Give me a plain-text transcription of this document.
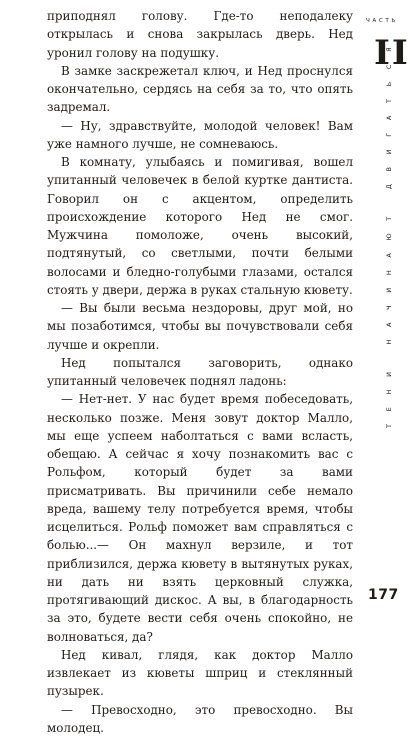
приподнял голову. Где-то неподалеку открылась и снова закрылась дверь. Нед уронил голову на подушку.

В замке заскрежетал ключ, и Нед проснулся окончательно, сердясь на себя за то, что опять задремал.

— Ну, здравствуйте, молодой человек! Вам уже намного лучше, не сомневаюсь.

В комнату, улыбаясь и помигивая, вошел упитанный человечек в белой куртке дантиста. Говорил он с акцентом, определить происхождение которого Нед не смог. Мужчина помоложе, очень высокий, подтянутый, со светлыми, почти белыми волосами и бледно-голубыми глазами, остался стоять у двери, держа в руках стальную кювету.

— Вы были весьма нездоровы, друг мой, но мы позаботимся, чтобы вы почувствовали себя лучше и окрепли.

Нед попытался заговорить, однако упитанный человечек поднял ладонь:

— Нет-нет. У нас будет время побеседовать, несколько позже. Меня зовут доктор Малло, мы еще успеем наболтаться с вами всласть, обещаю. А сейчас я хочу познакомить вас с Рольфом, который будет за вами присматривать. Вы причинили себе немало вреда, вашему телу потребуется время, чтобы исцелиться. Рольф поможет вам справляться с болью...— Он махнул верзиле, и тот приблизился, держа кювету в вытянутых руках, ни дать ни взять церковный служка, протягивающий дискос. А вы, в благодарность за это, будете вести себя очень спокойно, не волноваться, да?

Нед кивал, глядя, как доктор Малло извлекает из кюветы шприц и стеклянный пузырек.

— Превосходно, это превосходно. Вы молодец.

ЧАСТЬ
II
ТЕНИ НАЧИНАЮТ ДВИГАТЬСЯ
177
